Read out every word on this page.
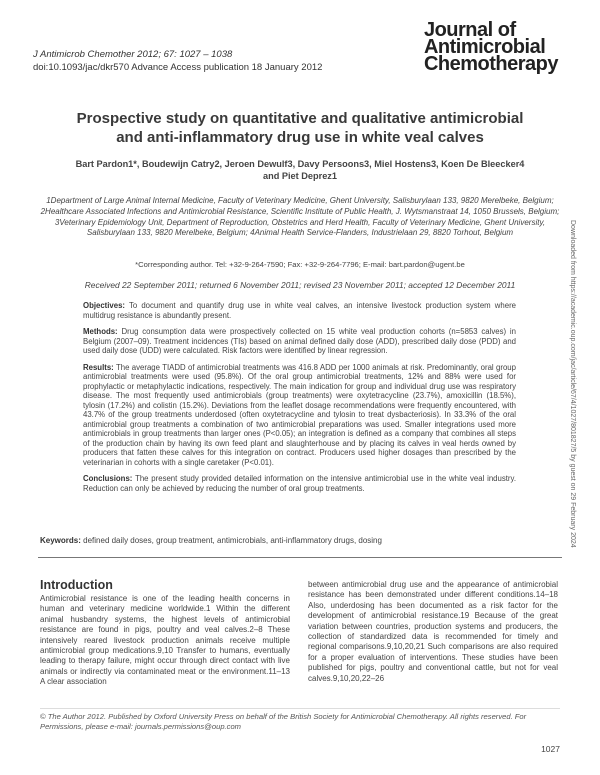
J Antimicrob Chemother 2012; 67: 1027 – 1038
doi:10.1093/jac/dkr570 Advance Access publication 18 January 2012
Journal of
Antimicrobial
Chemotherapy
Prospective study on quantitative and qualitative antimicrobial
and anti-inflammatory drug use in white veal calves
Bart Pardon1*, Boudewijn Catry2, Jeroen Dewulf3, Davy Persoons3, Miel Hostens3, Koen De Bleecker4
and Piet Deprez1
1Department of Large Animal Internal Medicine, Faculty of Veterinary Medicine, Ghent University, Salisburylaan 133, 9820 Merelbeke, Belgium; 2Healthcare Associated Infections and Antimicrobial Resistance, Scientific Institute of Public Health, J. Wytsmanstraat 14, 1050 Brussels, Belgium; 3Veterinary Epidemiology Unit, Department of Reproduction, Obstetrics and Herd Health, Faculty of Veterinary Medicine, Ghent University, Salisburylaan 133, 9820 Merelbeke, Belgium; 4Animal Health Service-Flanders, Industrielaan 29, 8820 Torhout, Belgium
*Corresponding author. Tel: +32-9-264-7590; Fax: +32-9-264-7796; E-mail: bart.pardon@ugent.be
Received 22 September 2011; returned 6 November 2011; revised 23 November 2011; accepted 12 December 2011

Objectives: To document and quantify drug use in white veal calves, an intensive livestock production system where multidrug resistance is abundantly present.

Methods: Drug consumption data were prospectively collected on 15 white veal production cohorts (n=5853 calves) in Belgium (2007–09). Treatment incidences (TIs) based on animal defined daily dose (ADD), prescribed daily dose (PDD) and used daily dose (UDD) were calculated. Risk factors were identified by linear regression.

Results: The average TIADD of antimicrobial treatments was 416.8 ADD per 1000 animals at risk. Predominantly, oral group antimicrobial treatments were used (95.8%). Of the oral group antimicrobial treatments, 12% and 88% were used for prophylactic or metaphylactic indications, respectively. The main indication for group and individual drug use was respiratory disease. The most frequently used antimicrobials (group treatments) were oxytetracycline (23.7%), amoxicillin (18.5%), tylosin (17.2%) and colistin (15.2%). Deviations from the leaflet dosage recommendations were frequently encountered, with 43.7% of the group treatments underdosed (often oxytetracycline and tylosin to treat dysbacteriosis). In 33.3% of the oral antimicrobial group treatments a combination of two antimicrobial preparations was used. Smaller integrations used more antimicrobials in group treatments than larger ones (P<0.05); an integration is defined as a company that combines all steps of the production chain by having its own feed plant and slaughterhouse and by placing its calves in veal herds owned by producers that fatten these calves for this integration on contract. Producers used higher dosages than prescribed by the veterinarian in cohorts with a single caretaker (P<0.01).

Conclusions: The present study provided detailed information on the intensive antimicrobial use in the white veal industry. Reduction can only be achieved by reducing the number of oral group treatments.

Keywords: defined daily doses, group treatment, antimicrobials, anti-inflammatory drugs, dosing
Introduction
Antimicrobial resistance is one of the leading health concerns in human and veterinary medicine worldwide.1 Within the different animal husbandry systems, the highest levels of antimicrobial resistance are found in pigs, poultry and veal calves.2–8 These intensively reared livestock production animals receive multiple antimicrobial group medications.9,10 Transfer to humans, eventually leading to therapy failure, might occur through direct contact with live animals or indirectly via contaminated meat or the environment.11–13 A clear association
between antimicrobial drug use and the appearance of antimicrobial resistance has been demonstrated under different conditions.14–18 Also, underdosing has been documented as a risk factor for the development of antimicrobial resistance.19 Because of the great variation between countries, production systems and producers, the collection of standardized data is recommended for timely and regional comparisons.9,10,20,21 Such comparisons are also required for a proper evaluation of interventions. These studies have been published for pigs, poultry and conventional cattle, but not for veal calves.9,10,20,22–26
© The Author 2012. Published by Oxford University Press on behalf of the British Society for Antimicrobial Chemotherapy. All rights reserved. For Permissions, please e-mail: journals.permissions@oup.com
1027
Downloaded from https://academic.oup.com/jac/article/67/4/1027/801827/5 by guest on 29 February 2024
